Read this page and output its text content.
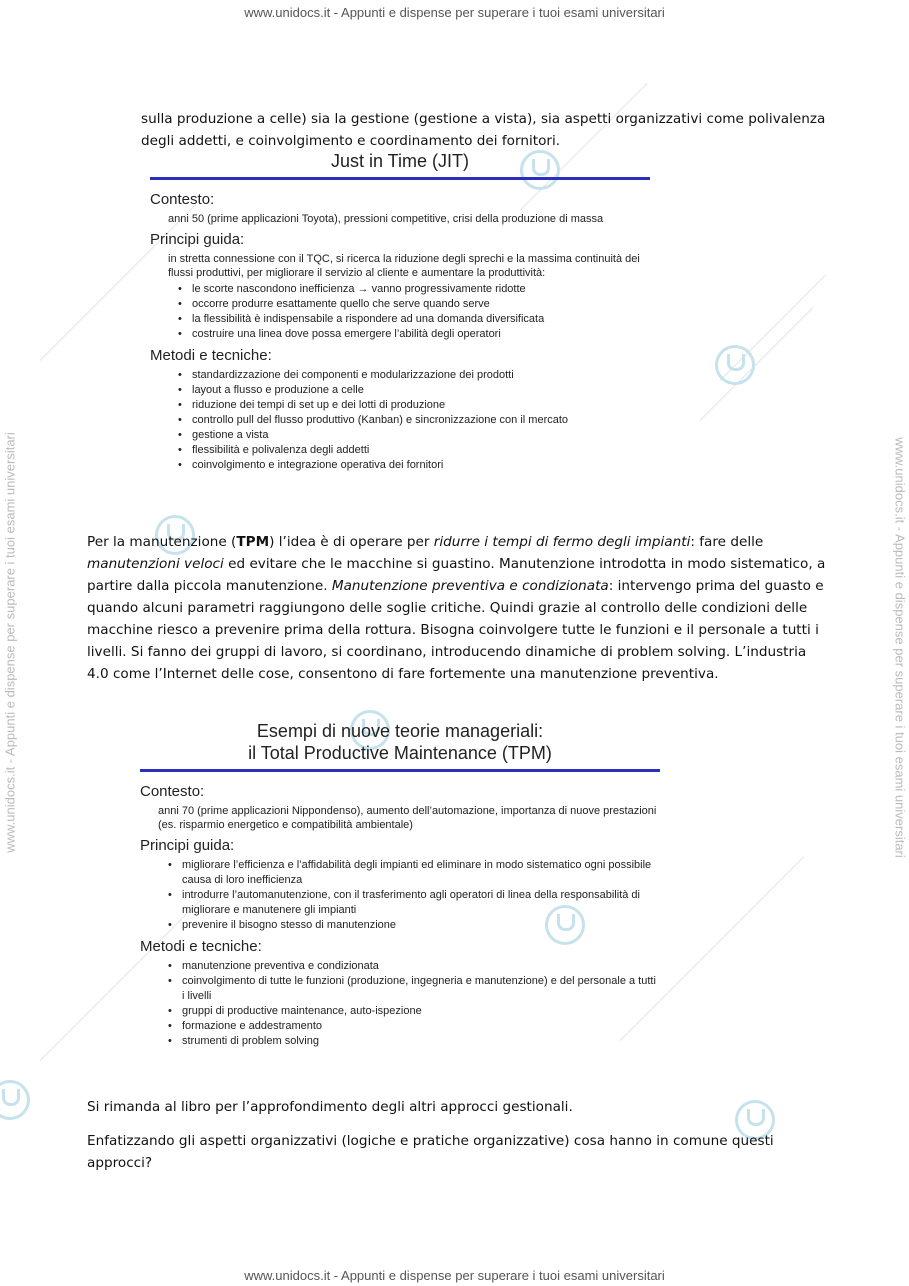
www.unidocs.it - Appunti e dispense per superare i tuoi esami universitari
www.unidocs.it - Appunti e dispense per superare i tuoi esami universitari
www.unidocs.it - Appunti e dispense per superare i tuoi esami universitari	www.unidocs.it - Appunti e dispense per superare i tuoi esami universitari
sulla produzione a celle) sia la gestione (gestione a vista), sia aspetti organizzativi come polivalenza degli addetti, e coinvolgimento e coordinamento dei fornitori.
Just in Time (JIT)
Contesto:
anni 50 (prime applicazioni Toyota), pressioni competitive, crisi della produzione di massa
Principi guida:
in stretta connessione con il TQC, si ricerca la riduzione degli sprechi e la massima continuità dei flussi produttivi, per migliorare il servizio al cliente e aumentare la produttività:
• le scorte nascondono inefficienza → vanno progressivamente ridotte
• occorre produrre esattamente quello che serve quando serve
• la flessibilità è indispensabile a rispondere ad una domanda diversificata
• costruire una linea dove possa emergere l’abilità degli operatori
Metodi e tecniche:
• standardizzazione dei componenti e modularizzazione dei prodotti
• layout a flusso e produzione a celle
• riduzione dei tempi di set up e dei lotti di produzione
• controllo pull del flusso produttivo (Kanban) e sincronizzazione con il mercato
• gestione a vista
• flessibilità e polivalenza degli addetti
• coinvolgimento e integrazione operativa dei fornitori
Per la manutenzione (TPM) l’idea è di operare per ridurre i tempi di fermo degli impianti: fare delle manutenzioni veloci ed evitare che le macchine si guastino. Manutenzione introdotta in modo sistematico, a partire dalla piccola manutenzione. Manutenzione preventiva e condizionata: intervengo prima del guasto e quando alcuni parametri raggiungono delle soglie critiche. Quindi grazie al controllo delle condizioni delle macchine riesco a prevenire prima della rottura. Bisogna coinvolgere tutte le funzioni e il personale a tutti i livelli. Si fanno dei gruppi di lavoro, si coordinano, introducendo dinamiche di problem solving. L’industria 4.0 come l’Internet delle cose, consentono di fare fortemente una manutenzione preventiva.
Esempi di nuove teorie manageriali:
il Total Productive Maintenance (TPM)
Contesto:
anni 70 (prime applicazioni Nippondenso), aumento dell’automazione, importanza di nuove prestazioni (es. risparmio energetico e compatibilità ambientale)
Principi guida:
• migliorare l’efficienza e l’affidabilità degli impianti ed eliminare in modo sistematico ogni possibile causa di loro inefficienza
• introdurre l’automanutenzione, con il trasferimento agli operatori di linea della responsabilità di migliorare e manutenere gli impianti
• prevenire il bisogno stesso di manutenzione
Metodi e tecniche:
• manutenzione preventiva e condizionata
• coinvolgimento di tutte le funzioni (produzione, ingegneria e manutenzione) e del personale a tutti i livelli
• gruppi di productive maintenance, auto-ispezione
• formazione e addestramento
• strumenti di problem solving
Si rimanda al libro per l’approfondimento degli altri approcci gestionali.
Enfatizzando gli aspetti organizzativi (logiche e pratiche organizzative) cosa hanno in comune questi approcci?
